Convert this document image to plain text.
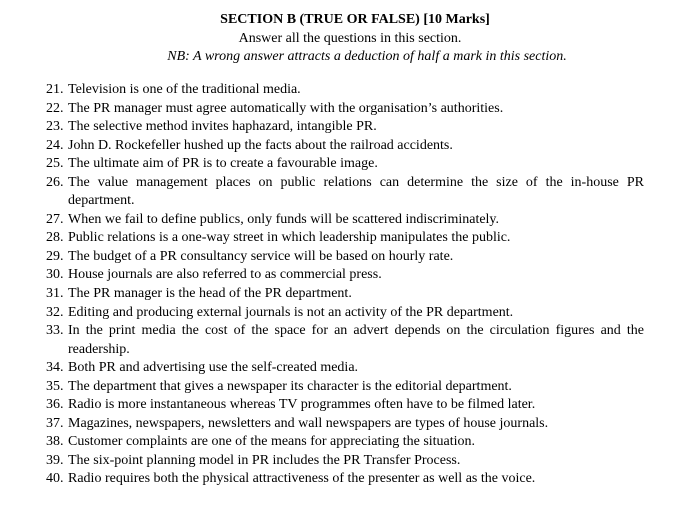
SECTION B (TRUE OR FALSE) [10 Marks]
Answer all the questions in this section.
NB: A wrong answer attracts a deduction of half a mark in this section.
21. Television is one of the traditional media.
22. The PR manager must agree automatically with the organisation’s authorities.
23. The selective method invites haphazard, intangible PR.
24. John D. Rockefeller hushed up the facts about the railroad accidents.
25. The ultimate aim of PR is to create a favourable image.
26. The value management places on public relations can determine the size of the in-house PR department.
27. When we fail to define publics, only funds will be scattered indiscriminately.
28. Public relations is a one-way street in which leadership manipulates the public.
29. The budget of a PR consultancy service will be based on hourly rate.
30. House journals are also referred to as commercial press.
31. The PR manager is the head of the PR department.
32. Editing and producing external journals is not an activity of the PR department.
33. In the print media the cost of the space for an advert depends on the circulation figures and the readership.
34. Both PR and advertising use the self-created media.
35. The department that gives a newspaper its character is the editorial department.
36. Radio is more instantaneous whereas TV programmes often have to be filmed later.
37. Magazines, newspapers, newsletters and wall newspapers are types of house journals.
38. Customer complaints are one of the means for appreciating the situation.
39. The six-point planning model in PR includes the PR Transfer Process.
40. Radio requires both the physical attractiveness of the presenter as well as the voice.
